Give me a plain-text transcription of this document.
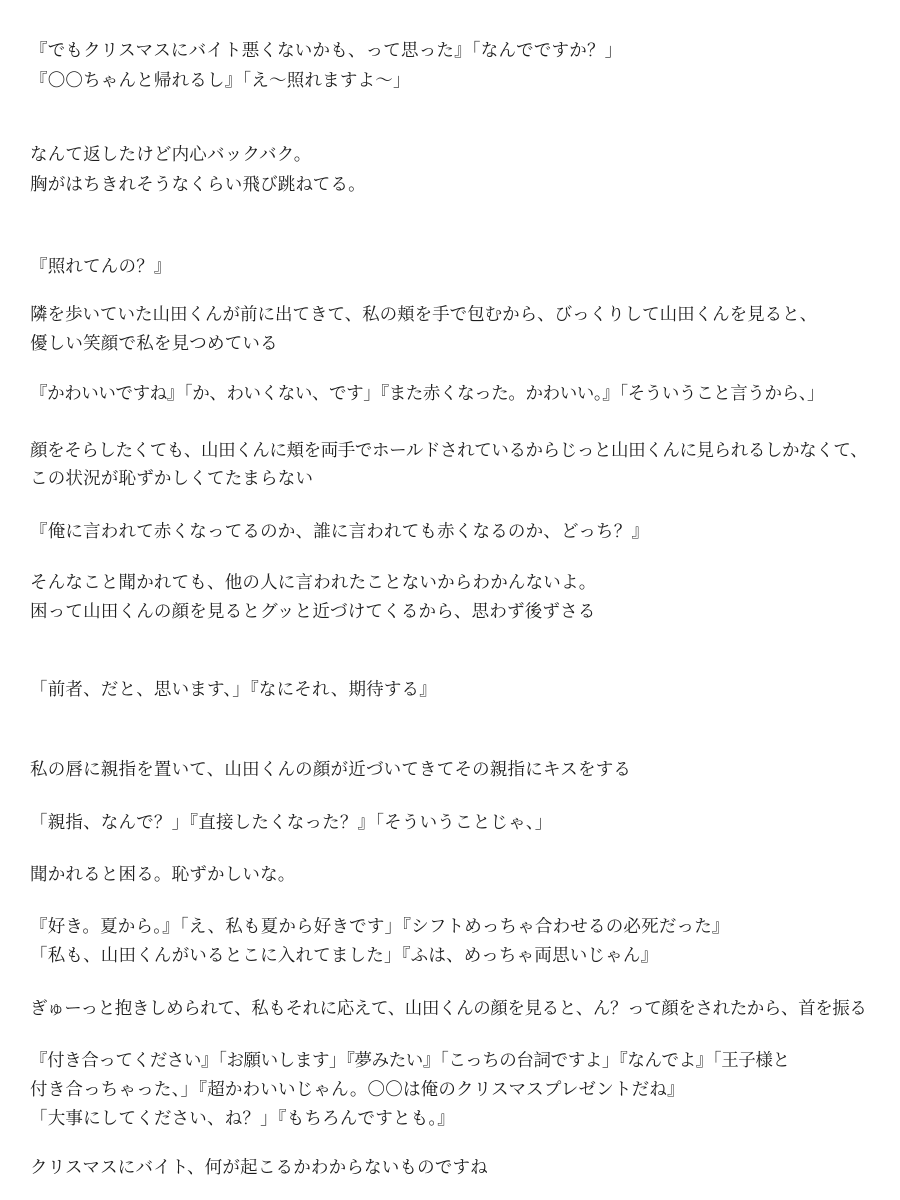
『でもクリスマスにバイト悪くないかも、って思った』「なんでですか？」
『〇〇ちゃんと帰れるし』「え〜照れますよ〜」
なんて返したけど内心バックバク。
胸がはちきれそうなくらい飛び跳ねてる。
『照れてんの？』
隣を歩いていた山田くんが前に出てきて、私の頬を手で包むから、びっくりして山田くんを見ると、
優しい笑顔で私を見つめている
『かわいいですね』「か、わいくない、です」『また赤くなった。かわいい。』「そういうこと言うから、」
顔をそらしたくても、山田くんに頬を両手でホールドされているからじっと山田くんに見られるしかなくて、
この状況が恥ずかしくてたまらない
『俺に言われて赤くなってるのか、誰に言われても赤くなるのか、どっち？』
そんなこと聞かれても、他の人に言われたことないからわかんないよ。
困って山田くんの顔を見るとグッと近づけてくるから、思わず後ずさる
「前者、だと、思います、」『なにそれ、期待する』
私の唇に親指を置いて、山田くんの顔が近づいてきてその親指にキスをする
「親指、なんで？」『直接したくなった？』「そういうことじゃ、」
聞かれると困る。恥ずかしいな。
『好き。夏から。』「え、私も夏から好きです」『シフトめっちゃ合わせるの必死だった』
「私も、山田くんがいるとこに入れてました」『ふは、めっちゃ両思いじゃん』
ぎゅーっと抱きしめられて、私もそれに応えて、山田くんの顔を見ると、ん？って顔をされたから、首を振る
『付き合ってください』「お願いします」『夢みたい』「こっちの台詞ですよ」『なんでよ』「王子様と
付き合っちゃった、」『超かわいいじゃん。〇〇は俺のクリスマスプレゼントだね』
「大事にしてください、ね？」『もちろんですとも。』
クリスマスにバイト、何が起こるかわからないものですね
